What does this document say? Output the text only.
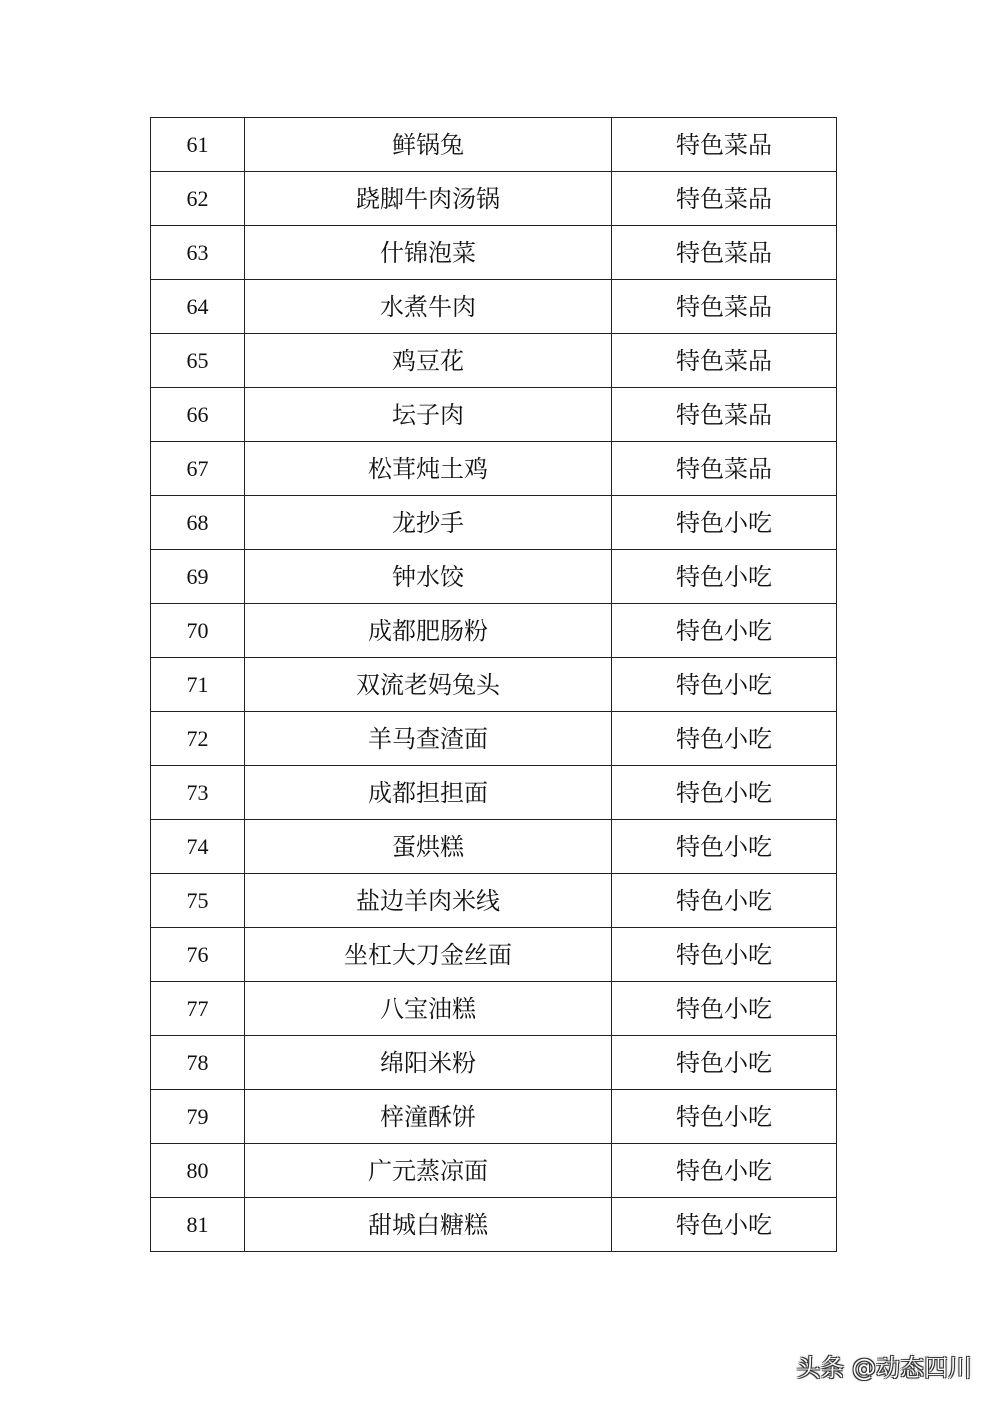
61	鲜锅兔	特色菜品
62	跷脚牛肉汤锅	特色菜品
63	什锦泡菜	特色菜品
64	水煮牛肉	特色菜品
65	鸡豆花	特色菜品
66	坛子肉	特色菜品
67	松茸炖土鸡	特色菜品
68	龙抄手	特色小吃
69	钟水饺	特色小吃
70	成都肥肠粉	特色小吃
71	双流老妈兔头	特色小吃
72	羊马查渣面	特色小吃
73	成都担担面	特色小吃
74	蛋烘糕	特色小吃
75	盐边羊肉米线	特色小吃
76	坐杠大刀金丝面	特色小吃
77	八宝油糕	特色小吃
78	绵阳米粉	特色小吃
79	梓潼酥饼	特色小吃
80	广元蒸凉面	特色小吃
81	甜城白糖糕	特色小吃
头条 @动态四川
